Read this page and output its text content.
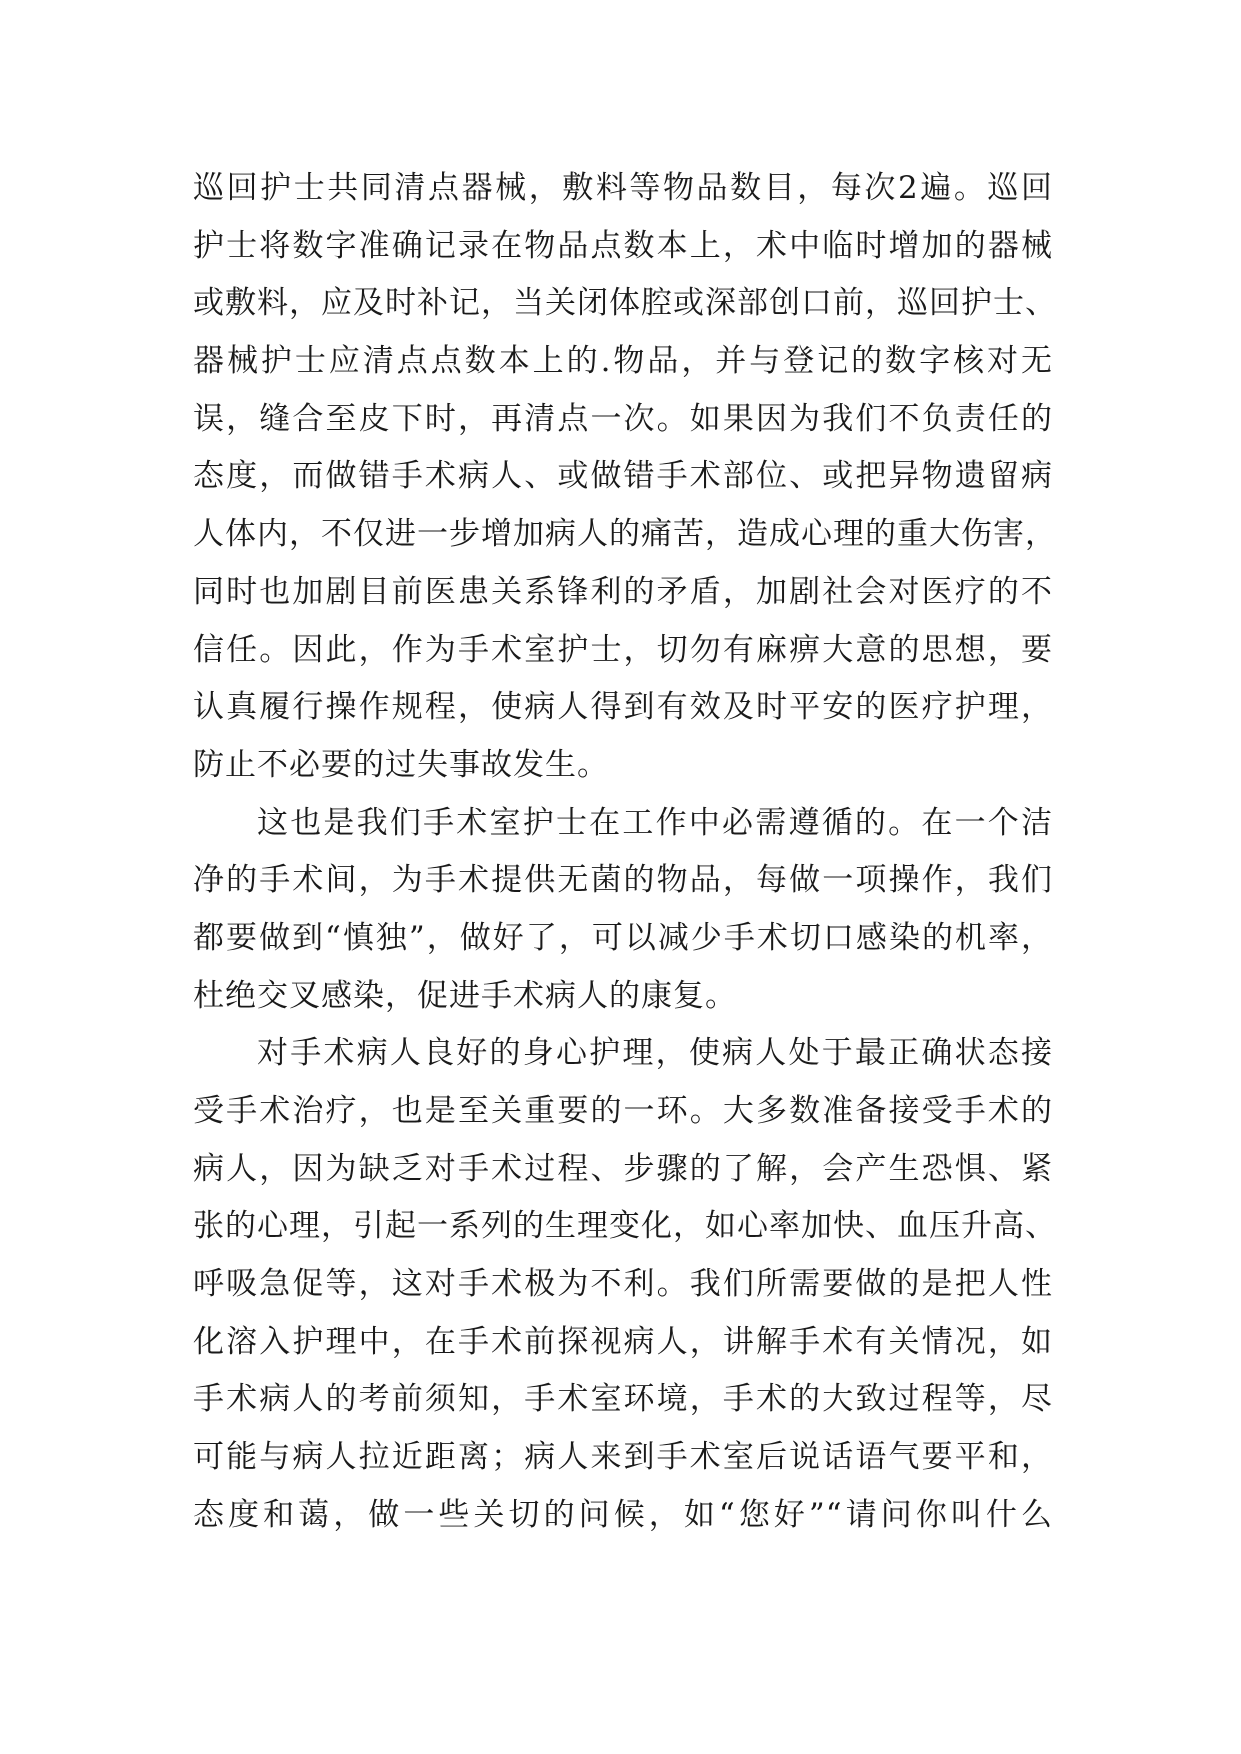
巡回护士共同清点器械，敷料等物品数目，每次2遍。巡回
护士将数字准确记录在物品点数本上，术中临时增加的器械
或敷料，应及时补记，当关闭体腔或深部创口前，巡回护士、
器械护士应清点点数本上的.物品，并与登记的数字核对无
误，缝合至皮下时，再清点一次。如果因为我们不负责任的
态度，而做错手术病人、或做错手术部位、或把异物遗留病
人体内，不仅进一步增加病人的痛苦，造成心理的重大伤害，
同时也加剧目前医患关系锋利的矛盾，加剧社会对医疗的不
信任。因此，作为手术室护士，切勿有麻痹大意的思想，要
认真履行操作规程，使病人得到有效及时平安的医疗护理，
防止不必要的过失事故发生。
这也是我们手术室护士在工作中必需遵循的。在一个洁
净的手术间，为手术提供无菌的物品，每做一项操作，我们
都要做到“慎独”，做好了，可以减少手术切口感染的机率，
杜绝交叉感染，促进手术病人的康复。
对手术病人良好的身心护理，使病人处于最正确状态接
受手术治疗，也是至关重要的一环。大多数准备接受手术的
病人，因为缺乏对手术过程、步骤的了解，会产生恐惧、紧
张的心理，引起一系列的生理变化，如心率加快、血压升高、
呼吸急促等，这对手术极为不利。我们所需要做的是把人性
化溶入护理中，在手术前探视病人，讲解手术有关情况，如
手术病人的考前须知，手术室环境，手术的大致过程等，尽
可能与病人拉近距离；病人来到手术室后说话语气要平和，
态度和蔼，做一些关切的问候，如“您好”“请问你叫什么
